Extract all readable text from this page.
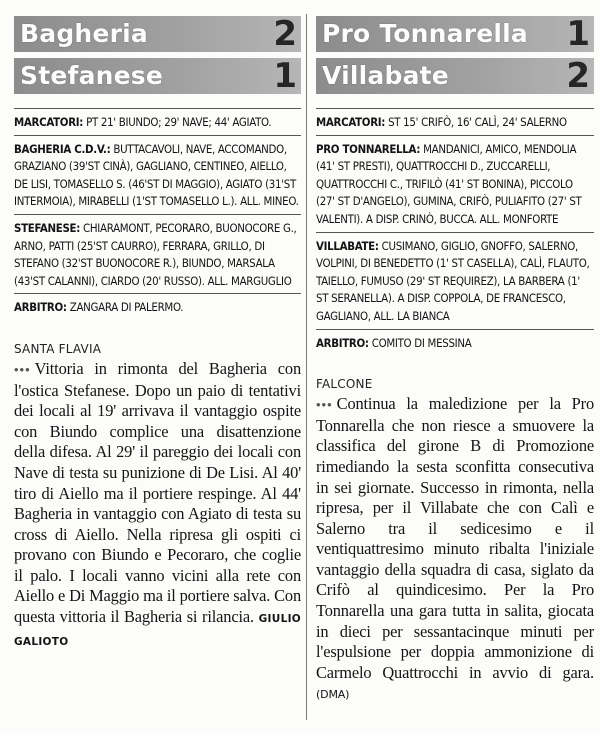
Bagheria	2
Stefanese	1
MARCATORI: PT 21' BIUNDO; 29' NAVE; 44' AGIATO.
BAGHERIA C.D.V.: BUTTACAVOLI, NAVE, ACCOMANDO, GRAZIANO (39'ST CINÀ), GAGLIANO, CENTINEO, AIELLO, DE LISI, TOMASELLO S. (46'ST DI MAGGIO), AGIATO (31'ST INTERMOIA), MIRABELLI (1'ST TOMASELLO L.). ALL. MINEO.
STEFANESE: CHIARAMONT, PECORARO, BUONOCORE G., ARNO, PATTI (25'ST CAURRO), FERRARA, GRILLO, DI STEFANO (32'ST BUONOCORE R.), BIUNDO, MARSALA (43'ST CALANNI), CIARDO (20' RUSSO). ALL. MARGUGLIO
ARBITRO: ZANGARA DI PALERMO.
SANTA FLAVIA
••• Vittoria in rimonta del Bagheria con l'ostica Stefanese. Dopo un paio di tentativi dei locali al 19' arrivava il vantaggio ospite con Biundo complice una disattenzione della difesa. Al 29' il pareggio dei locali con Nave di testa su punizione di De Lisi. Al 40' tiro di Aiello ma il portiere respinge. Al 44' Bagheria in vantaggio con Agiato di testa su cross di Aiello. Nella ripresa gli ospiti ci provano con Biundo e Pecoraro, che coglie il palo. I locali vanno vicini alla rete con Aiello e Di Maggio ma il portiere salva. Con questa vittoria il Bagheria si rilancia. GIULIO GALIOTO
Pro Tonnarella 1
Villabate	2
MARCATORI: ST 15' CRIFÒ, 16' CALÌ, 24' SALERNO
PRO TONNARELLA: MANDANICI, AMICO, MENDOLIA (41' ST PRESTI), QUATTROCCHI D., ZUCCARELLI, QUATTROCCHI C., TRIFILÒ (41' ST BONINA), PICCOLO (27' ST D'ANGELO), GUMINA, CRIFÒ, PULIAFITO (27' ST VALENTI). A DISP. CRINÒ, BUCCA. ALL. MONFORTE
VILLABATE: CUSIMANO, GIGLIO, GNOFFO, SALERNO, VOLPINI, DI BENEDETTO (1' ST CASELLA), CALÌ, FLAUTO, TAIELLO, FUMUSO (29' ST REQUIREZ), LA BARBERA (1' ST SERANELLA). A DISP. COPPOLA, DE FRANCESCO, GAGLIANO, ALL. LA BIANCA
ARBITRO: COMITO DI MESSINA
FALCONE
••• Continua la maledizione per la Pro Tonnarella che non riesce a smuovere la classifica del girone B di Promozione rimediando la sesta sconfitta consecutiva in sei giornate. Successo in rimonta, nella ripresa, per il Villabate che con Calì e Salerno tra il sedicesimo e il ventiquattresimo minuto ribalta l'iniziale vantaggio della squadra di casa, siglato da Crifò al quindicesimo. Per la Pro Tonnarella una gara tutta in salita, giocata in dieci per sessantacinque minuti per l'espulsione per doppia ammonizione di Carmelo Quattrocchi in avvio di gara. (DMA)
